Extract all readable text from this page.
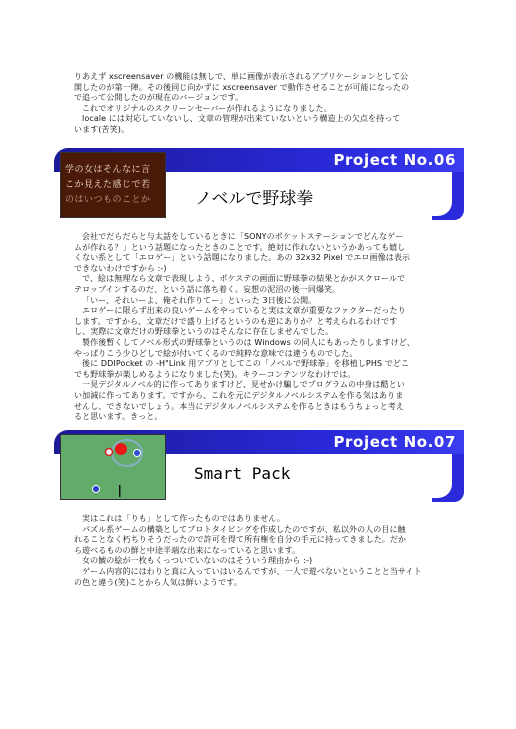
りあえず xscreensaver の機能は無しで、単に画像が表示されるアプリケーションとして公

開したのが第一陣。その後同じ向かずに xscreensaver で動作させることが可能になったの

で追って公開したのが現在のバージョンです。

これでオリジナルのスクリーンセーバーが作れるようになりました。

locale には対応していないし、文章の管理が出来ていないという構造上の欠点を持って

います(苦笑)。

Project No.06
学の女はそんなに言
こか見えた感じで若
のはいつものことか	ノベルで野球拳

会社でだらだらと与太話をしているときに「SONYのポケットステーションでどんなゲー

ムが作れる？」という話題になったときのことです。絶対に作れないというかあっても嬉し

くない系として「エロゲー」という話題になりました。あの 32x32 Pixel でエロ画像は表示

できないわけですから :-)

で、絵は無理なら文章で表現しよう、ポケステの画面に野球拳の結果とかがスクロールで

テロップインするのだ、という話に落ち着く。妄想の泥沼の後一同爆笑。

「いー、それいーよ、俺それ作りてー」といった 3日後に公開。

エロゲーに限らず出来の良いゲームをやっていると実は文章が重要なファクターだったり

します。ですから、文章だけで盛り上げるというのも逆にありか？と考えられるわけです

し、実際に文章だけの野球拳というのはそんなに存在しませんでした。

製作後暫くしてノベル形式の野球拳というのは Windows の同人にもあったりしますけど、

やっぱりこう少ひどしで絵が付いてくるので純粋な意味では違うものでした。

後に DDIPocket の -H"Link 用アプリとしてこの「ノベルで野球拳」を移植しPHS でどこ

でも野球拳が楽しめるようになりました(笑)。キラーコンテンツなわけでは。

一見デジタルノベル的に作ってありますけど、見せかけ騙しでプログラムの中身は酷とい

い加減に作ってあります。ですから、これを元にデジタルノベルシステムを作る気はありま

せんし、できないでしょう。本当にデジタルノベルシステムを作るときはもうちょっと考え

ると思います。きっと。

Project No.07
Smart Pack

実はこれは「りも」として作ったものではありません。

パズル系ゲームの構築としてプロトタイピングを作成したのですが、私以外の人の目に触

れることなく朽ちりそうだったので許可を得て所有権を自分の手元に持ってきました。だか

ら遊べるものの鮮と中途半端な出来になっていると思います。

女の鯱の絵が一枚もくっついていないのはそういう理由から :-)

ゲーム内容的にはわりと真に入っていはいるんですが、一人で遊べないということと当サイト

の色と違う(笑)ことから人気は鮮いようです。
